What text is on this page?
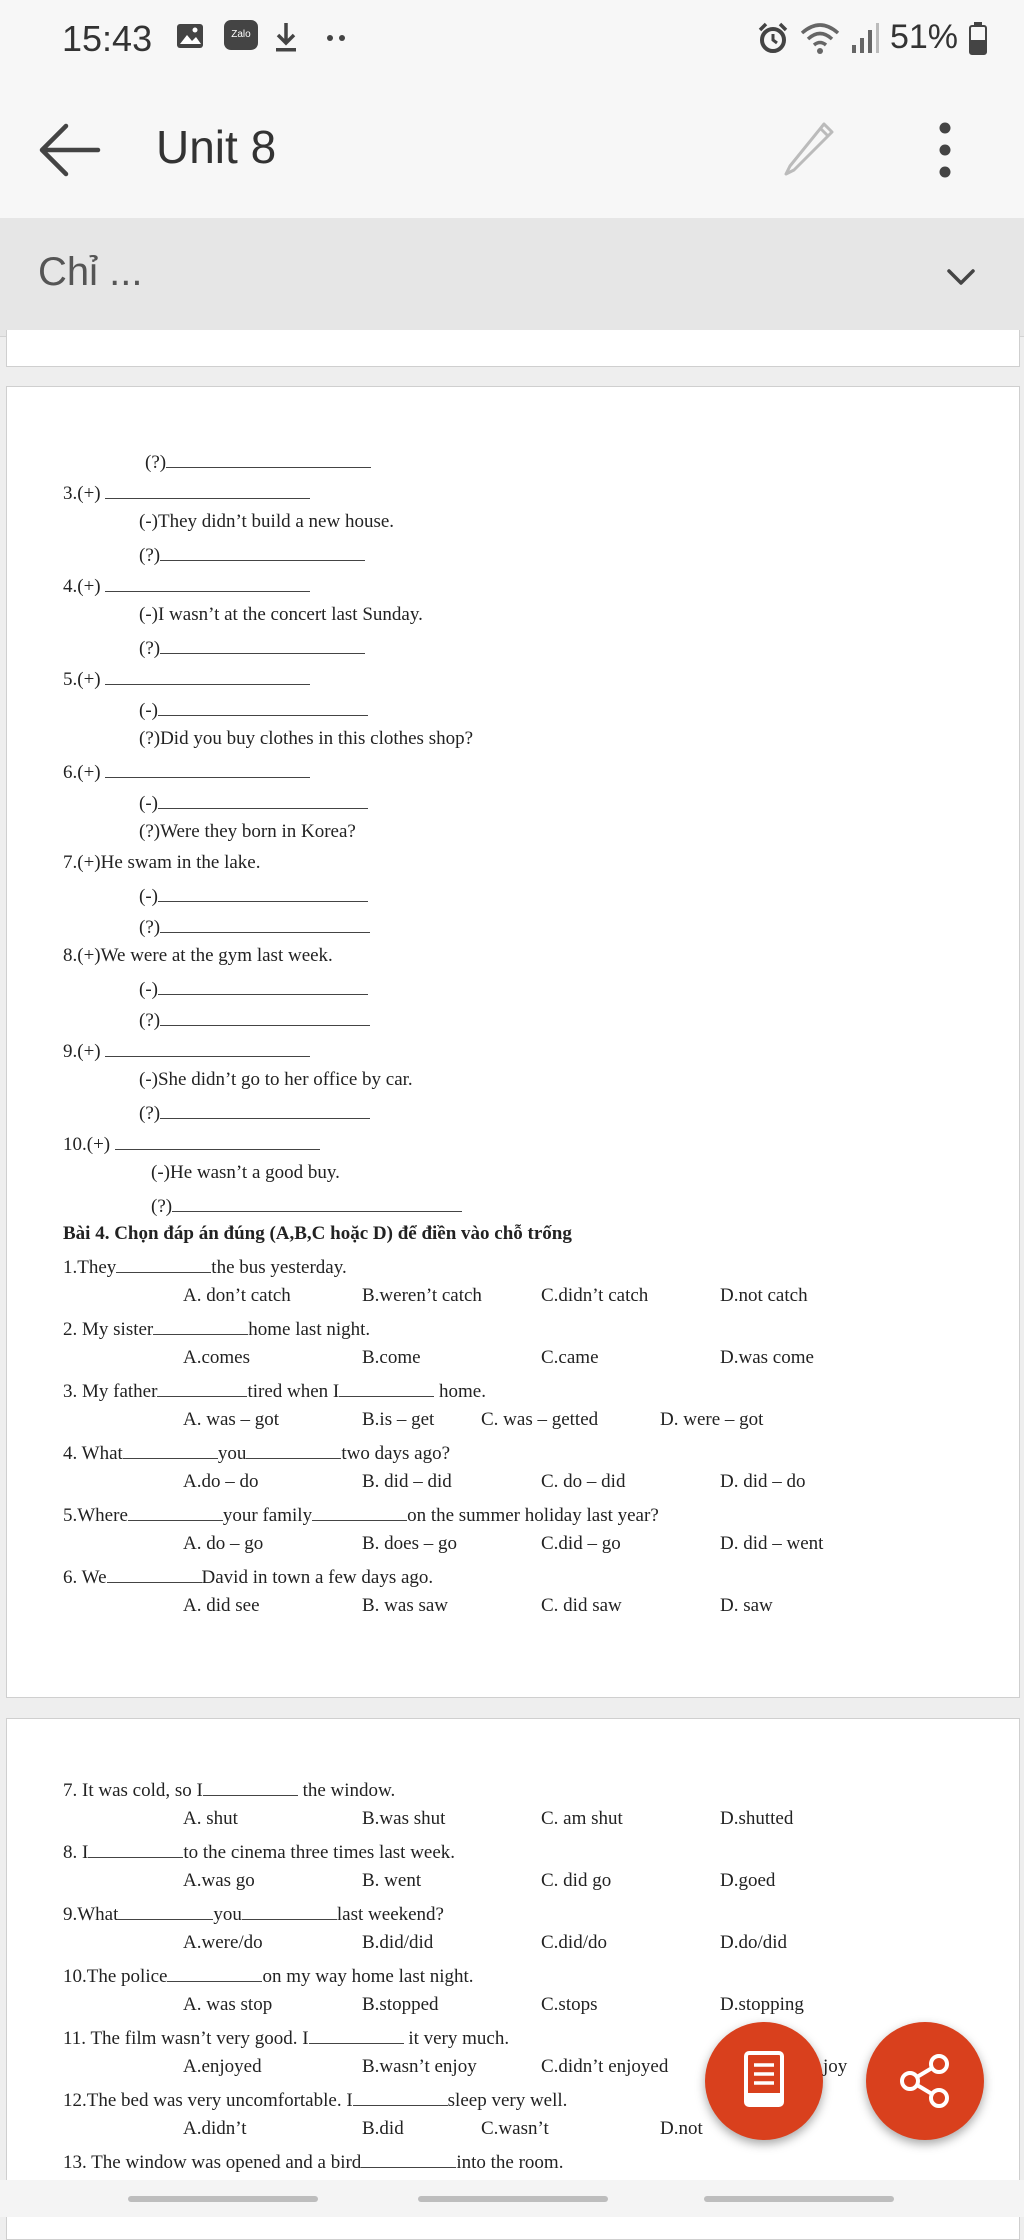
15:43	Zalo	51%
Unit 8
Chỉ ...
(?)
3.(+)
(-)They didn’t build a new house.
(?)
4.(+)
(-)I wasn’t at the concert last Sunday.
(?)
5.(+)
(-)
(?)Did you buy clothes in this clothes shop?
6.(+)
(-)
(?)Were they born in Korea?
7.(+)He swam in the lake.
(-)
(?)
8.(+)We were at the gym last week.
(-)
(?)
9.(+)
(-)She didn’t go to her office by car.
(?)
10.(+)
(-)He wasn’t a good buy.
(?)
Bài 4. Chọn đáp án đúng (A,B,C hoặc D) để điền vào chỗ trống
1.They	the bus yesterday.
A. don’t catch	B.weren’t catch	C.didn’t catch	D.not catch
2. My sister	home last night.
A.comes	B.come	C.came	D.was come
3. My father	tired when I	home.
A. was – got	B.is – get C. was – getted	D. were – got
4. What	you	two days ago?
A.do – do	B. did – did	C. do – did	D. did – do
5.Where	your family	on the summer holiday last year?
A. do – go	B. does – go	C.did – go	D. did – went
6. We	David in town a few days ago.
A. did see	B. was saw	C. did saw	D. saw
7. It was cold, so I	the window.
A. shut	B.was shut	C. am shut	D.shutted
8. I	to the cinema three times last week.
A.was go	B. went	C. did go	D.goed
9.What	you	last weekend?
A.were/do	B.did/did	C.did/do	D.do/did
10.The police	on my way home last night.
A. was stop	B.stopped	C.stops	D.stopping
11. The film wasn’t very good. I	it very much.
A.enjoyed	B.wasn’t enjoy	C.didn’t enjoyed	joy
12.The bed was very uncomfortable. I	sleep very well.
A.didn’t	B.did	C.wasn’t	D.not
13. The window was opened and a bird	into the room.
